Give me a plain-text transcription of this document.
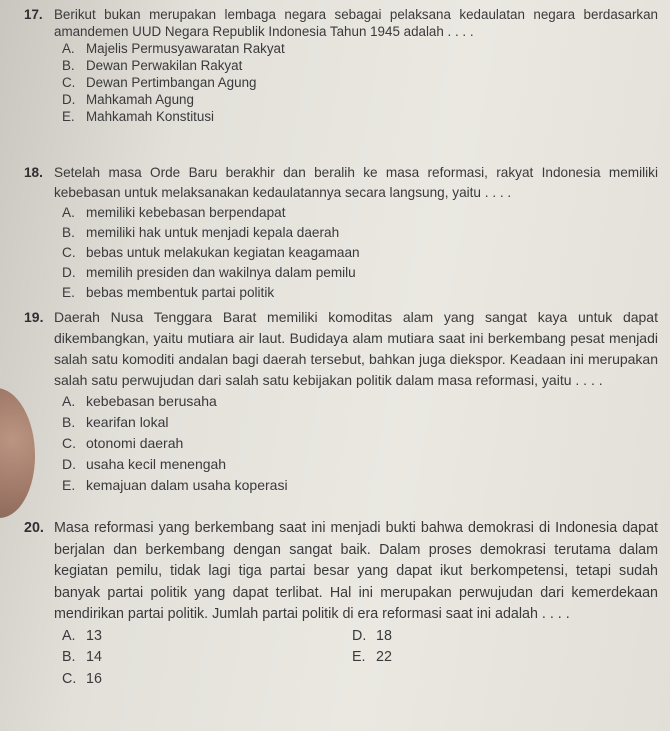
17. Berikut bukan merupakan lembaga negara sebagai pelaksana kedaulatan negara berdasarkan amandemen UUD Negara Republik Indonesia Tahun 1945 adalah . . . .
A. Majelis Permusyawaratan Rakyat
B. Dewan Perwakilan Rakyat
C. Dewan Pertimbangan Agung
D. Mahkamah Agung
E. Mahkamah Konstitusi
18. Setelah masa Orde Baru berakhir dan beralih ke masa reformasi, rakyat Indonesia memiliki kebebasan untuk melaksanakan kedaulatannya secara langsung, yaitu . . . .
A. memiliki kebebasan berpendapat
B. memiliki hak untuk menjadi kepala daerah
C. bebas untuk melakukan kegiatan keagamaan
D. memilih presiden dan wakilnya dalam pemilu
E. bebas membentuk partai politik
19. Daerah Nusa Tenggara Barat memiliki komoditas alam yang sangat kaya untuk dapat dikembangkan, yaitu mutiara air laut. Budidaya alam mutiara saat ini berkembang pesat menjadi salah satu komoditi andalan bagi daerah tersebut, bahkan juga diekspor. Keadaan ini merupakan salah satu perwujudan dari salah satu kebijakan politik dalam masa reformasi, yaitu . . . .
A. kebebasan berusaha
B. kearifan lokal
C. otonomi daerah
D. usaha kecil menengah
E. kemajuan dalam usaha koperasi
20. Masa reformasi yang berkembang saat ini menjadi bukti bahwa demokrasi di Indonesia dapat berjalan dan berkembang dengan sangat baik. Dalam proses demokrasi terutama dalam kegiatan pemilu, tidak lagi tiga partai besar yang dapat ikut berkompetensi, tetapi sudah banyak partai politik yang dapat terlibat. Hal ini merupakan perwujudan dari kemerdekaan mendirikan partai politik. Jumlah partai politik di era reformasi saat ini adalah . . . .
A. 13	D. 18
B. 14	E. 22
C. 16
